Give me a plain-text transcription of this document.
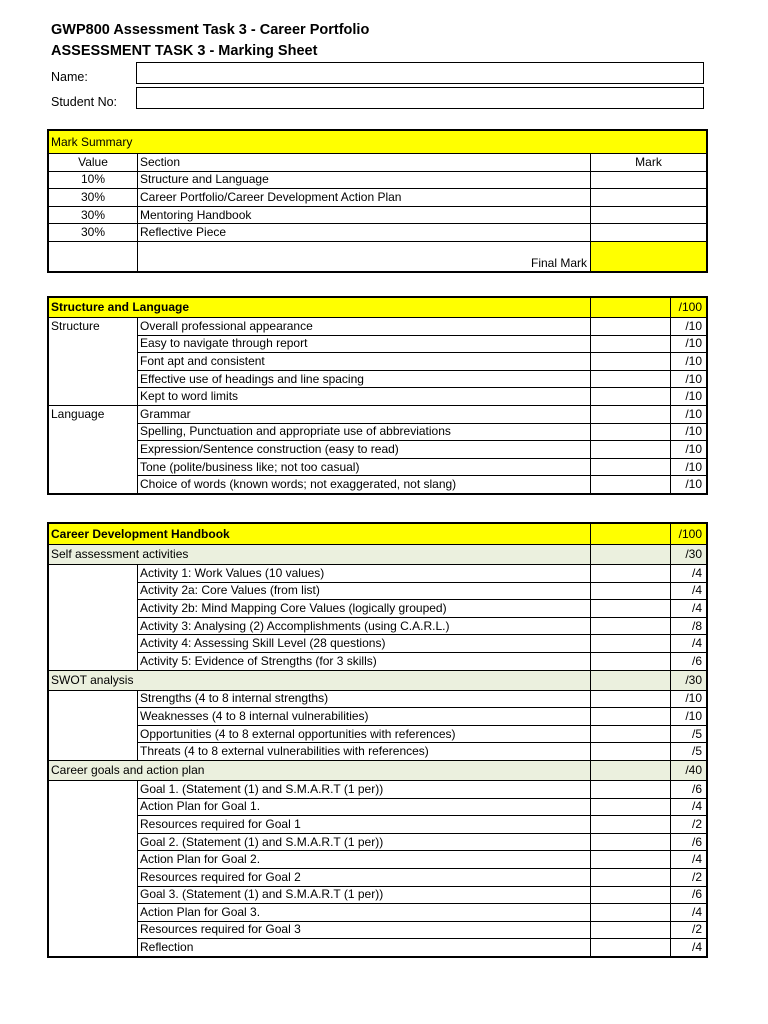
GWP800 Assessment Task 3 - Career Portfolio
ASSESSMENT TASK 3 - Marking Sheet
Name:
Student No:
Mark Summary		
Value	Section	Mark
10%	Structure and Language	
30%	Career Portfolio/Career Development Action Plan	
30%	Mentoring Handbook	
30%	Reflective Piece	
	Final Mark	
Structure and Language			/100
Structure	Overall professional appearance		/10
	Easy to navigate through report		/10
	Font apt and consistent		/10
	Effective use of headings and line spacing		/10
	Kept to word limits		/10
Language	Grammar		/10
	Spelling, Punctuation and appropriate use of abbreviations		/10
	Expression/Sentence construction (easy to read)		/10
	Tone (polite/business like; not too casual)		/10
	Choice of words (known words; not exaggerated, not slang)		/10
Career Development Handbook			/100
Self assessment activities			/30
	Activity 1: Work Values (10 values)		/4
	Activity 2a: Core Values (from list)		/4
	Activity 2b: Mind Mapping Core Values (logically grouped)		/4
	Activity 3: Analysing (2) Accomplishments (using C.A.R.L.)		/8
	Activity 4: Assessing Skill Level (28 questions)		/4
	Activity 5: Evidence of Strengths (for 3 skills)		/6
SWOT analysis			/30
	Strengths (4 to 8 internal strengths)		/10
	Weaknesses (4 to 8 internal vulnerabilities)		/10
	Opportunities (4 to 8 external opportunities with references)		/5
	Threats (4 to 8 external vulnerabilities with references)		/5
Career goals and action plan			/40
	Goal 1. (Statement (1) and S.M.A.R.T (1 per))		/6
	Action Plan for Goal 1.		/4
	Resources required for Goal 1		/2
	Goal 2. (Statement (1) and S.M.A.R.T (1 per))		/6
	Action Plan for Goal 2.		/4
	Resources required for Goal 2		/2
	Goal 3. (Statement (1) and S.M.A.R.T (1 per))		/6
	Action Plan for Goal 3.		/4
	Resources required for Goal 3		/2
	Reflection		/4
